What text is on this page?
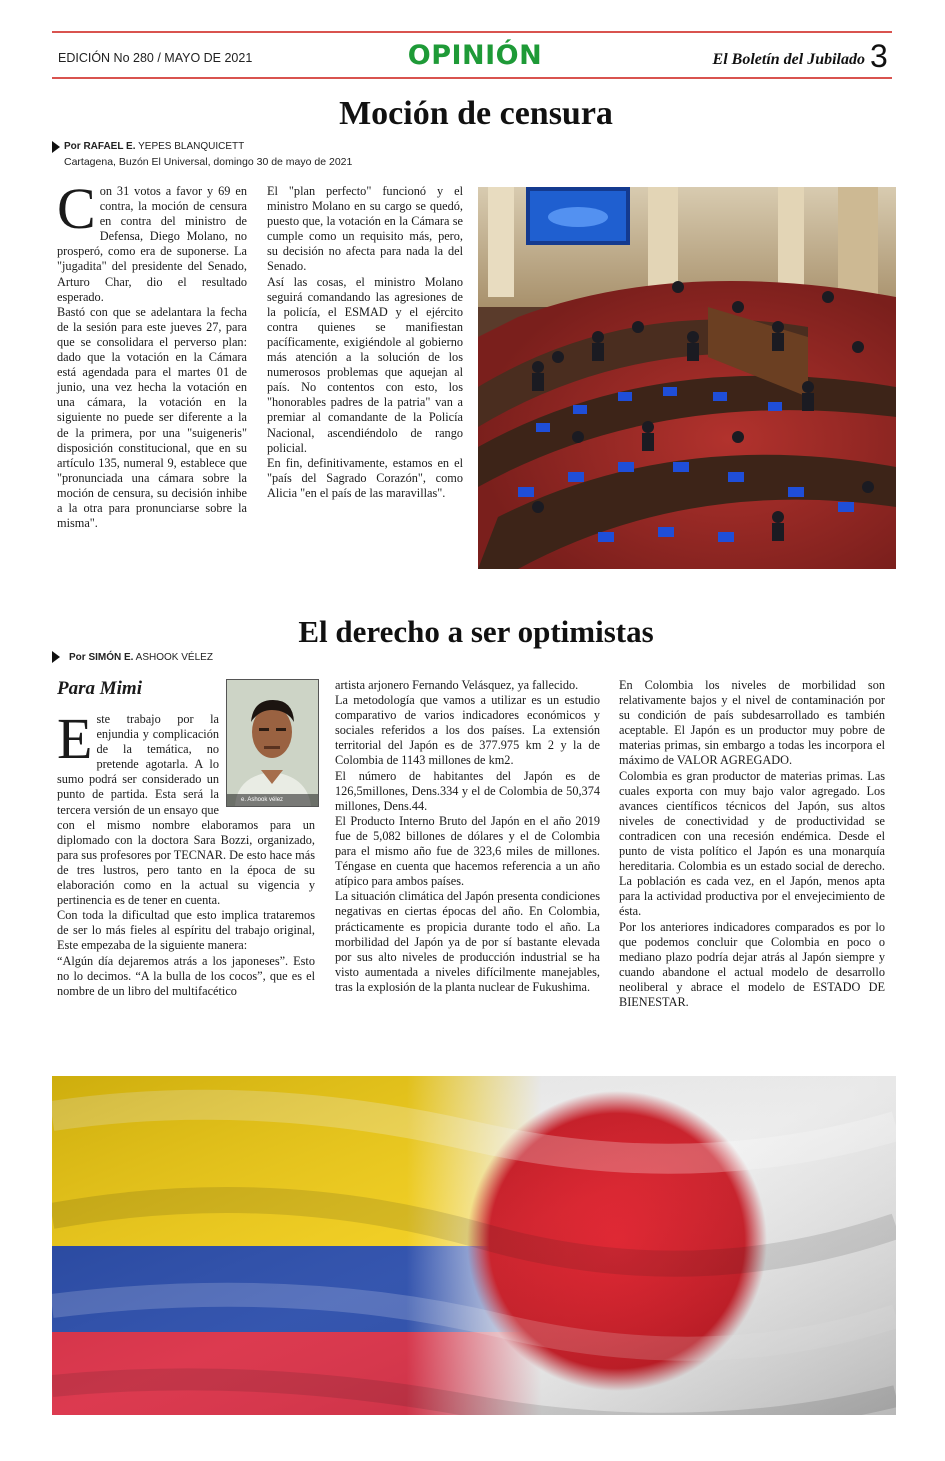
EDICIÓN No 280 / MAYO DE 2021	OPINIÓN	El Boletín del Jubilado 3
Moción de censura
Por RAFAEL E. YEPES BLANQUICETT
Cartagena, Buzón El Universal, domingo 30 de mayo de 2021

Con 31 votos a favor y 69 en contra, la moción de censura en contra del ministro de Defensa, Diego Molano, no prosperó, como era de suponerse. La "jugadita" del presidente del Senado, Arturo Char, dio el resultado esperado.

Bastó con que se adelantara la fecha de la sesión para este jueves 27, para que se consolidara el perverso plan: dado que la votación en la Cámara está agendada para el martes 01 de junio, una vez hecha la votación en una cámara, la votación en la siguiente no puede ser diferente a la de la primera, por una "suigeneris" disposición constitucional, que en su artículo 135, numeral 9, establece que "pronunciada una cámara sobre la moción de censura, su decisión inhibe a la otra para pronunciarse sobre la misma".

El "plan perfecto" funcionó y el ministro Molano en su cargo se quedó, puesto que, la votación en la Cámara se cumple como un requisito más, pero, su decisión no afecta para nada la del Senado.

Así las cosas, el ministro Molano seguirá comandando las agresiones de la policía, el ESMAD y el ejército contra quienes se manifiestan pacíficamente, exigiéndole al gobierno más atención a la solución de los numerosos problemas que aquejan al país. No contentos con esto, los "honorables padres de la patria" van a premiar al comandante de la Policía Nacional, ascendiéndolo de rango policial.

En fin, definitivamente, estamos en el "país del Sagrado Corazón", como Alicia "en el país de las maravillas".

El derecho a ser optimistas
Por SIMÓN E. ASHOOK VÉLEZ
Para Mimi
e. Ashook vélez
E ste trabajo por la enjundia y complicación de la temática, no pretende agotarla. A lo sumo podrá ser considerado un punto de partida. Esta será la tercera versión de un ensayo que con el mismo nombre elaboramos para un diplomado con la doctora Sara Bozzi, organizado, para sus profesores por TECNAR. De esto hace más de tres lustros, pero tanto en la época de su elaboración como en la actual su vigencia y pertinencia es de tener en cuenta.

Con toda la dificultad que esto implica trataremos de ser lo más fieles al espíritu del trabajo original, Este empezaba de la siguiente manera:

“Algún día dejaremos atrás a los japoneses”. Esto no lo decimos. “A la bulla de los cocos”, que es el nombre de un libro del multifacético

artista arjonero Fernando Velásquez, ya fallecido.

La metodología que vamos a utilizar es un estudio comparativo de varios indicadores económicos y sociales referidos a los dos países. La extensión territorial del Japón es de 377.975 km 2 y la de Colombia de 1143 millones de km2.

El número de habitantes del Japón es de 126,5millones, Dens.334 y el de Colombia de 50,374 millones, Dens.44.

El Producto Interno Bruto del Japón en el año 2019 fue de 5,082 billones de dólares y el de Colombia para el mismo año fue de 323,6 miles de millones. Téngase en cuenta que hacemos referencia a un año atípico para ambos países.

La situación climática del Japón presenta condiciones negativas en ciertas épocas del año. En Colombia, prácticamente es propicia durante todo el año. La morbilidad del Japón ya de por sí bastante elevada por sus alto niveles de producción industrial se ha visto aumentada a niveles difícilmente manejables, tras la explosión de la planta nuclear de Fukushima.

En Colombia los niveles de morbilidad son relativamente bajos y el nivel de contaminación por su condición de país subdesarrollado es también aceptable. El Japón es un productor muy pobre de materias primas, sin embargo a todas les incorpora el máximo de VALOR AGREGADO.

Colombia es gran productor de materias primas. Las cuales exporta con muy bajo valor agregado. Los avances científicos técnicos del Japón, sus altos niveles de conectividad y de productividad se contradicen con una recesión endémica. Desde el punto de vista político el Japón es una monarquía hereditaria. Colombia es un estado social de derecho. La población es cada vez, en el Japón, menos apta para la actividad productiva por el envejecimiento de ésta.

Por los anteriores indicadores comparados es por lo que podemos concluir que Colombia en poco o mediano plazo podría dejar atrás al Japón siempre y cuando abandone el actual modelo de desarrollo neoliberal y abrace el modelo de ESTADO DE BIENESTAR.
